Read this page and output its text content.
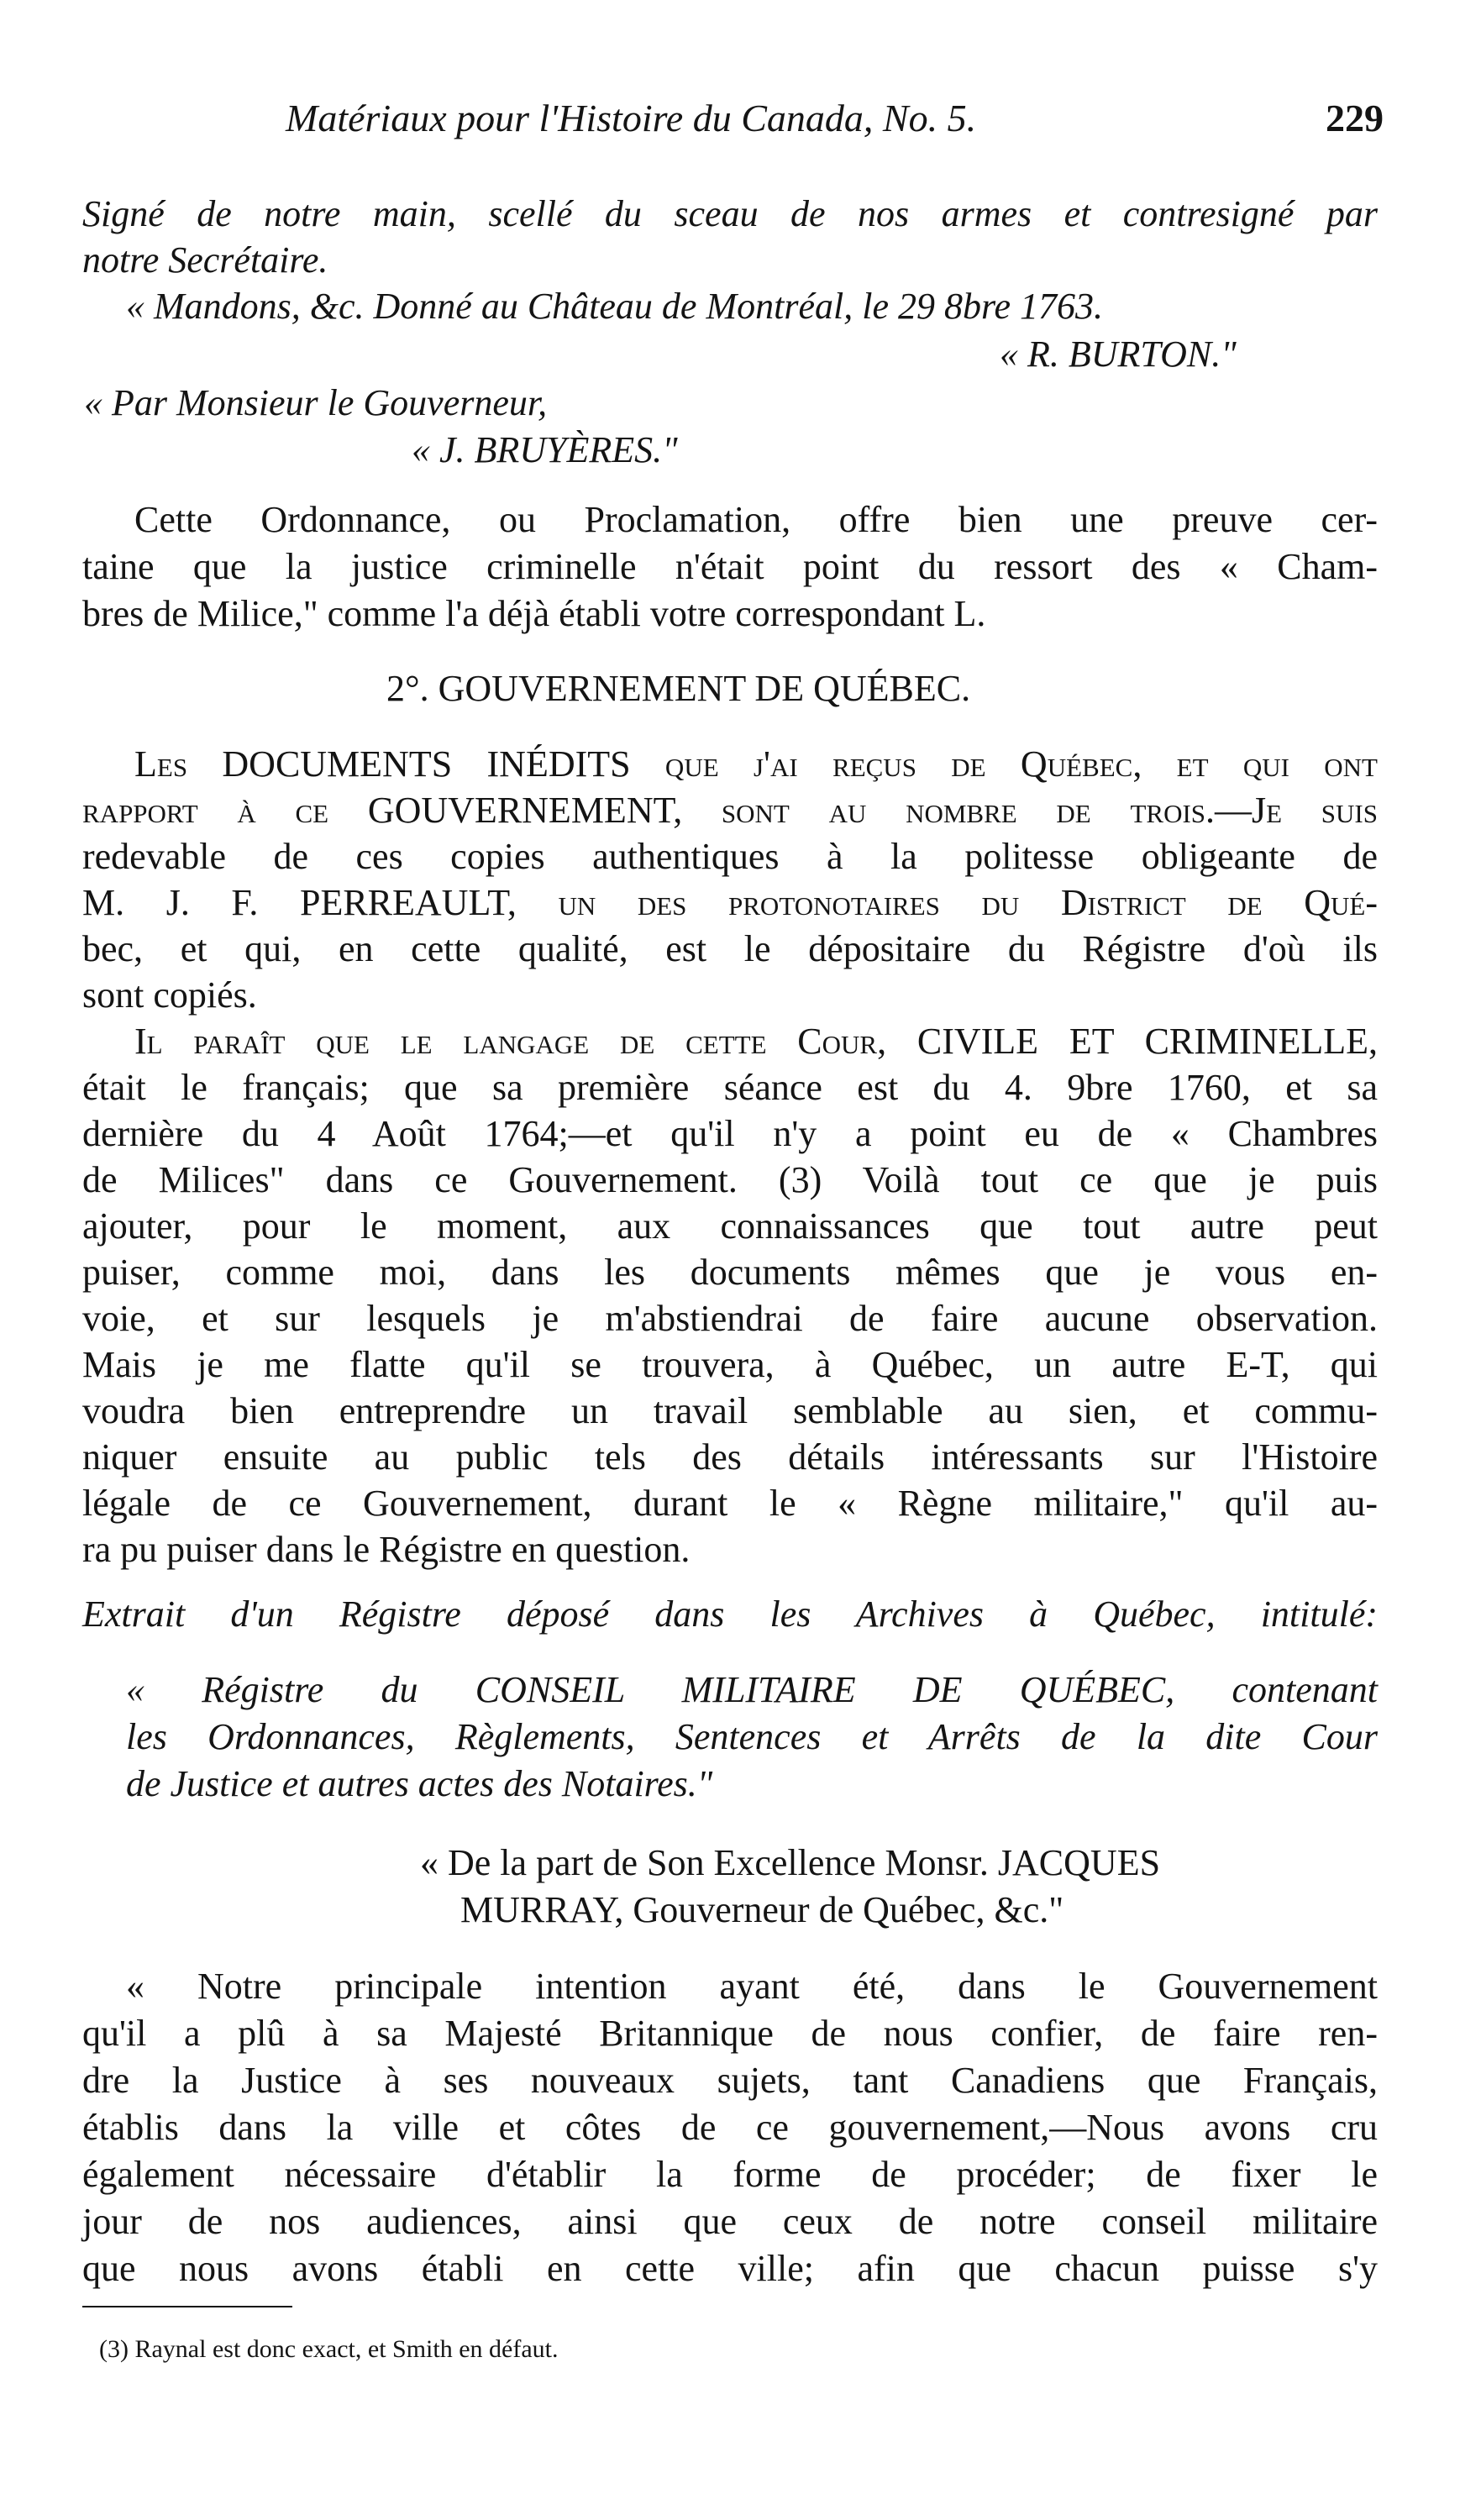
Matériaux pour l'Histoire du Canada, No. 5.	229
Signé de notre main, scellé du sceau de nos armes et contresigné par
notre Secrétaire.
« Mandons, &c. Donné au Château de Montréal, le 29 8bre 1763.
« R. BURTON."
« Par Monsieur le Gouverneur,
« J. BRUYÈRES."
Cette Ordonnance, ou Proclamation, offre bien une preuve cer-
taine que la justice criminelle n'était point du ressort des « Cham-
bres de Milice," comme l'a déjà établi votre correspondant L.
2°. GOUVERNEMENT DE QUÉBEC.
Les DOCUMENTS INÉDITS que j'ai reçus de Québec, et qui ont
rapport à ce GOUVERNEMENT, sont au nombre de trois.—Je suis
redevable de ces copies authentiques à la politesse obligeante de
M. J. F. PERREAULT, un des protonotaires du District de Qué-
bec, et qui, en cette qualité, est le dépositaire du Régistre d'où ils
sont copiés.
Il paraît que le langage de cette Cour, CIVILE ET CRIMINELLE,
était le français; que sa première séance est du 4. 9bre 1760, et sa
dernière du 4 Août 1764;—et qu'il n'y a point eu de « Chambres
de Milices" dans ce Gouvernement. (3) Voilà tout ce que je puis
ajouter, pour le moment, aux connaissances que tout autre peut
puiser, comme moi, dans les documents mêmes que je vous en-
voie, et sur lesquels je m'abstiendrai de faire aucune observation.
Mais je me flatte qu'il se trouvera, à Québec, un autre E-T, qui
voudra bien entreprendre un travail semblable au sien, et commu-
niquer ensuite au public tels des détails intéressants sur l'Histoire
légale de ce Gouvernement, durant le « Règne militaire," qu'il au-
ra pu puiser dans le Régistre en question.
Extrait d'un Régistre déposé dans les Archives à Québec, intitulé:
« Régistre du CONSEIL MILITAIRE DE QUÉBEC, contenant
les Ordonnances, Règlements, Sentences et Arrêts de la dite Cour
de Justice et autres actes des Notaires."
« De la part de Son Excellence Monsr. JACQUES
MURRAY, Gouverneur de Québec, &c."
« Notre principale intention ayant été, dans le Gouvernement
qu'il a plû à sa Majesté Britannique de nous confier, de faire ren-
dre la Justice à ses nouveaux sujets, tant Canadiens que Français,
établis dans la ville et côtes de ce gouvernement,—Nous avons cru
également nécessaire d'établir la forme de procéder; de fixer le
jour de nos audiences, ainsi que ceux de notre conseil militaire
que nous avons établi en cette ville; afin que chacun puisse s'y
(3) Raynal est donc exact, et Smith en défaut.
